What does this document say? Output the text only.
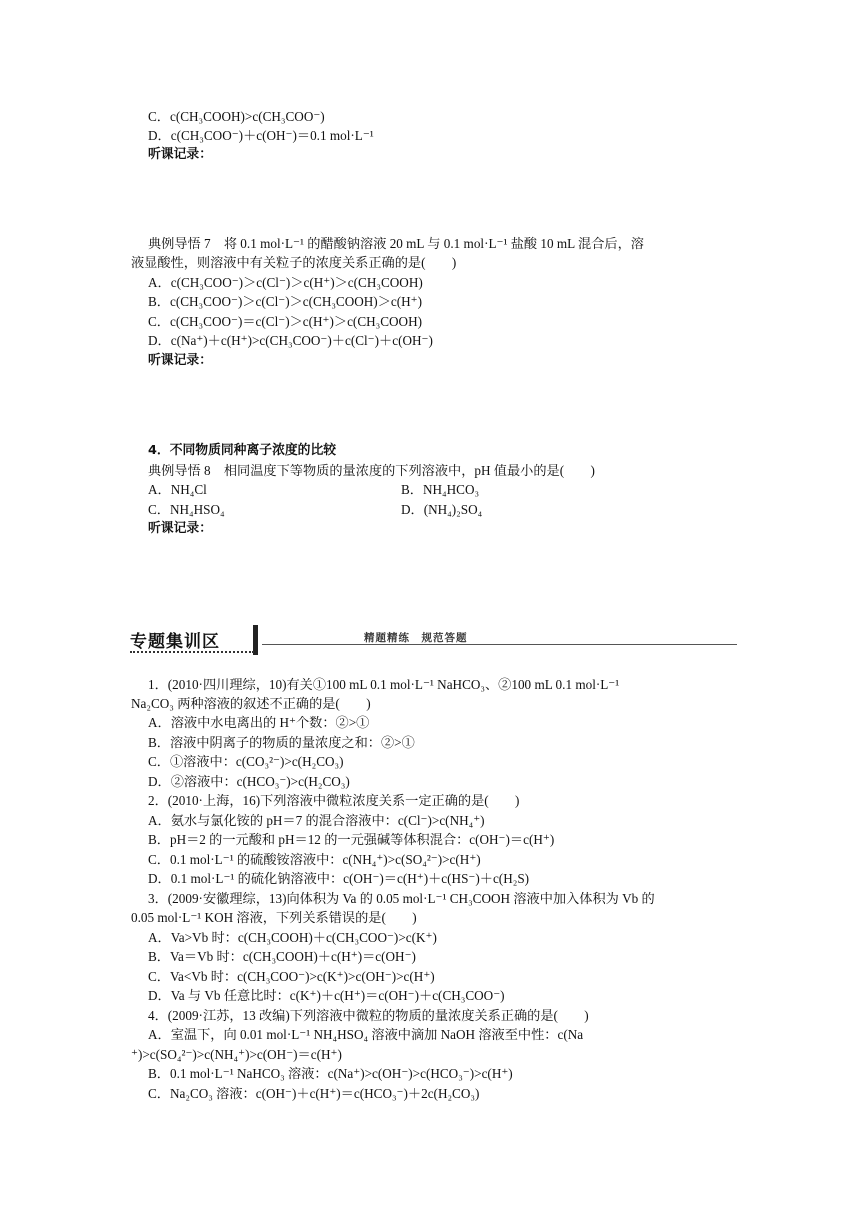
C．c(CH₃COOH)>c(CH₃COO⁻)
D．c(CH₃COO⁻)＋c(OH⁻)＝0.1 mol·L⁻¹
听课记录：
典例导悟 7　将 0.1 mol·L⁻¹ 的醋酸钠溶液 20 mL 与 0.1 mol·L⁻¹ 盐酸 10 mL 混合后，溶
液显酸性，则溶液中有关粒子的浓度关系正确的是(　　)
A．c(CH₃COO⁻)＞c(Cl⁻)＞c(H⁺)＞c(CH₃COOH)
B．c(CH₃COO⁻)＞c(Cl⁻)＞c(CH₃COOH)＞c(H⁺)
C．c(CH₃COO⁻)＝c(Cl⁻)＞c(H⁺)＞c(CH₃COOH)
D．c(Na⁺)＋c(H⁺)>c(CH₃COO⁻)＋c(Cl⁻)＋c(OH⁻)
听课记录：
4．不同物质同种离子浓度的比较
典例导悟 8　相同温度下等物质的量浓度的下列溶液中，pH 值最小的是(　　)
A．NH₄Cl	B．NH₄HCO₃
C．NH₄HSO₄	D．(NH₄)₂SO₄
听课记录：
专题集训区	精题精练　规范答题
1．(2010·四川理综，10)有关①100 mL 0.1 mol·L⁻¹ NaHCO₃、②100 mL 0.1 mol·L⁻¹
Na₂CO₃ 两种溶液的叙述不正确的是(　　)
A．溶液中水电离出的 H⁺个数：②>①
B．溶液中阴离子的物质的量浓度之和：②>①
C．①溶液中：c(CO₃²⁻)>c(H₂CO₃)
D．②溶液中：c(HCO₃⁻)>c(H₂CO₃)
2．(2010·上海，16)下列溶液中微粒浓度关系一定正确的是(　　)
A．氨水与氯化铵的 pH＝7 的混合溶液中：c(Cl⁻)>c(NH₄⁺)
B．pH＝2 的一元酸和 pH＝12 的一元强碱等体积混合：c(OH⁻)＝c(H⁺)
C．0.1 mol·L⁻¹ 的硫酸铵溶液中：c(NH₄⁺)>c(SO₄²⁻)>c(H⁺)
D．0.1 mol·L⁻¹ 的硫化钠溶液中：c(OH⁻)＝c(H⁺)＋c(HS⁻)＋c(H₂S)
3．(2009·安徽理综，13)向体积为 Va 的 0.05 mol·L⁻¹ CH₃COOH 溶液中加入体积为 Vb 的
0.05 mol·L⁻¹ KOH 溶液，下列关系错误的是(　　)
A．Va>Vb 时：c(CH₃COOH)＋c(CH₃COO⁻)>c(K⁺)
B．Va＝Vb 时：c(CH₃COOH)＋c(H⁺)＝c(OH⁻)
C．Va<Vb 时：c(CH₃COO⁻)>c(K⁺)>c(OH⁻)>c(H⁺)
D．Va 与 Vb 任意比时：c(K⁺)＋c(H⁺)＝c(OH⁻)＋c(CH₃COO⁻)
4．(2009·江苏，13 改编)下列溶液中微粒的物质的量浓度关系正确的是(　　)
A．室温下，向 0.01 mol·L⁻¹ NH₄HSO₄ 溶液中滴加 NaOH 溶液至中性：c(Na
⁺)>c(SO₄²⁻)>c(NH₄⁺)>c(OH⁻)＝c(H⁺)
B．0.1 mol·L⁻¹ NaHCO₃ 溶液：c(Na⁺)>c(OH⁻)>c(HCO₃⁻)>c(H⁺)
C．Na₂CO₃ 溶液：c(OH⁻)＋c(H⁺)＝c(HCO₃⁻)＋2c(H₂CO₃)
